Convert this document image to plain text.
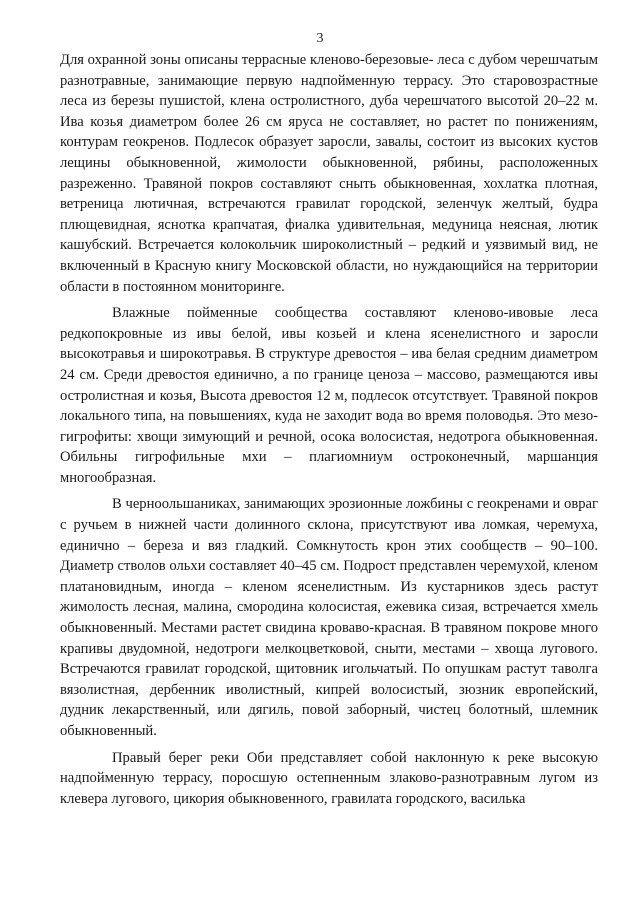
3

Для охранной зоны описаны террасные кленово-березовые- леса с дубом черешчатым разнотравные, занимающие первую надпойменную террасу. Это старовозрастные леса из березы пушистой, клена остролистного, дуба черешчатого высотой 20–22 м. Ива козья диаметром более 26 см яруса не составляет, но растет по понижениям, контурам геокренов. Подлесок образует заросли, завалы, состоит из высоких кустов лещины обыкновенной, жимолости обыкновенной, рябины, расположенных разреженно. Травяной покров составляют сныть обыкновенная, хохлатка плотная, ветреница лютичная, встречаются гравилат городской, зеленчук желтый, будра плющевидная, яснотка крапчатая, фиалка удивительная, медуница неясная, лютик кашубский. Встречается колокольчик широколистный – редкий и уязвимый вид, не включенный в Красную книгу Московской области, но нуждающийся на территории области в постоянном мониторинге.

Влажные пойменные сообщества составляют кленово-ивовые леса редкопокровные из ивы белой, ивы козьей и клена ясенелистного и заросли высокотравья и широкотравья. В структуре древостоя – ива белая средним диаметром 24 см. Среди древостоя единично, а по границе ценоза – массово, размещаются ивы остролистная и козья, Высота древостоя 12 м, подлесок отсутствует. Травяной покров локального типа, на повышениях, куда не заходит вода во время половодья. Это мезо-гигрофиты: хвощи зимующий и речной, осока волосистая, недотрога обыкновенная. Обильны гигрофильные мхи – плагиомниум остроконечный, маршанция многообразная.

В черноольшаниках, занимающих эрозионные ложбины с геокренами и овраг с ручьем в нижней части долинного склона, присутствуют ива ломкая, черемуха, единично – береза и вяз гладкий. Сомкнутость крон этих сообществ – 90–100. Диаметр стволов ольхи составляет 40–45 см. Подрост представлен черемухой, кленом платановидным, иногда – кленом ясенелистным. Из кустарников здесь растут жимолость лесная, малина, смородина колосистая, ежевика сизая, встречается хмель обыкновенный. Местами растет свидина кроваво-красная. В травяном покрове много крапивы двудомной, недотроги мелкоцветковой, сныти, местами – хвоща лугового. Встречаются гравилат городской, щитовник игольчатый. По опушкам растут таволга вязолистная, дербенник иволистный, кипрей волосистый, зюзник европейский, дудник лекарственный, или дягиль, повой заборный, чистец болотный, шлемник обыкновенный.

Правый берег реки Оби представляет собой наклонную к реке высокую надпойменную террасу, поросшую остепненным злаково-разнотравным лугом из клевера лугового, цикория обыкновенного, гравилата городского, василька
